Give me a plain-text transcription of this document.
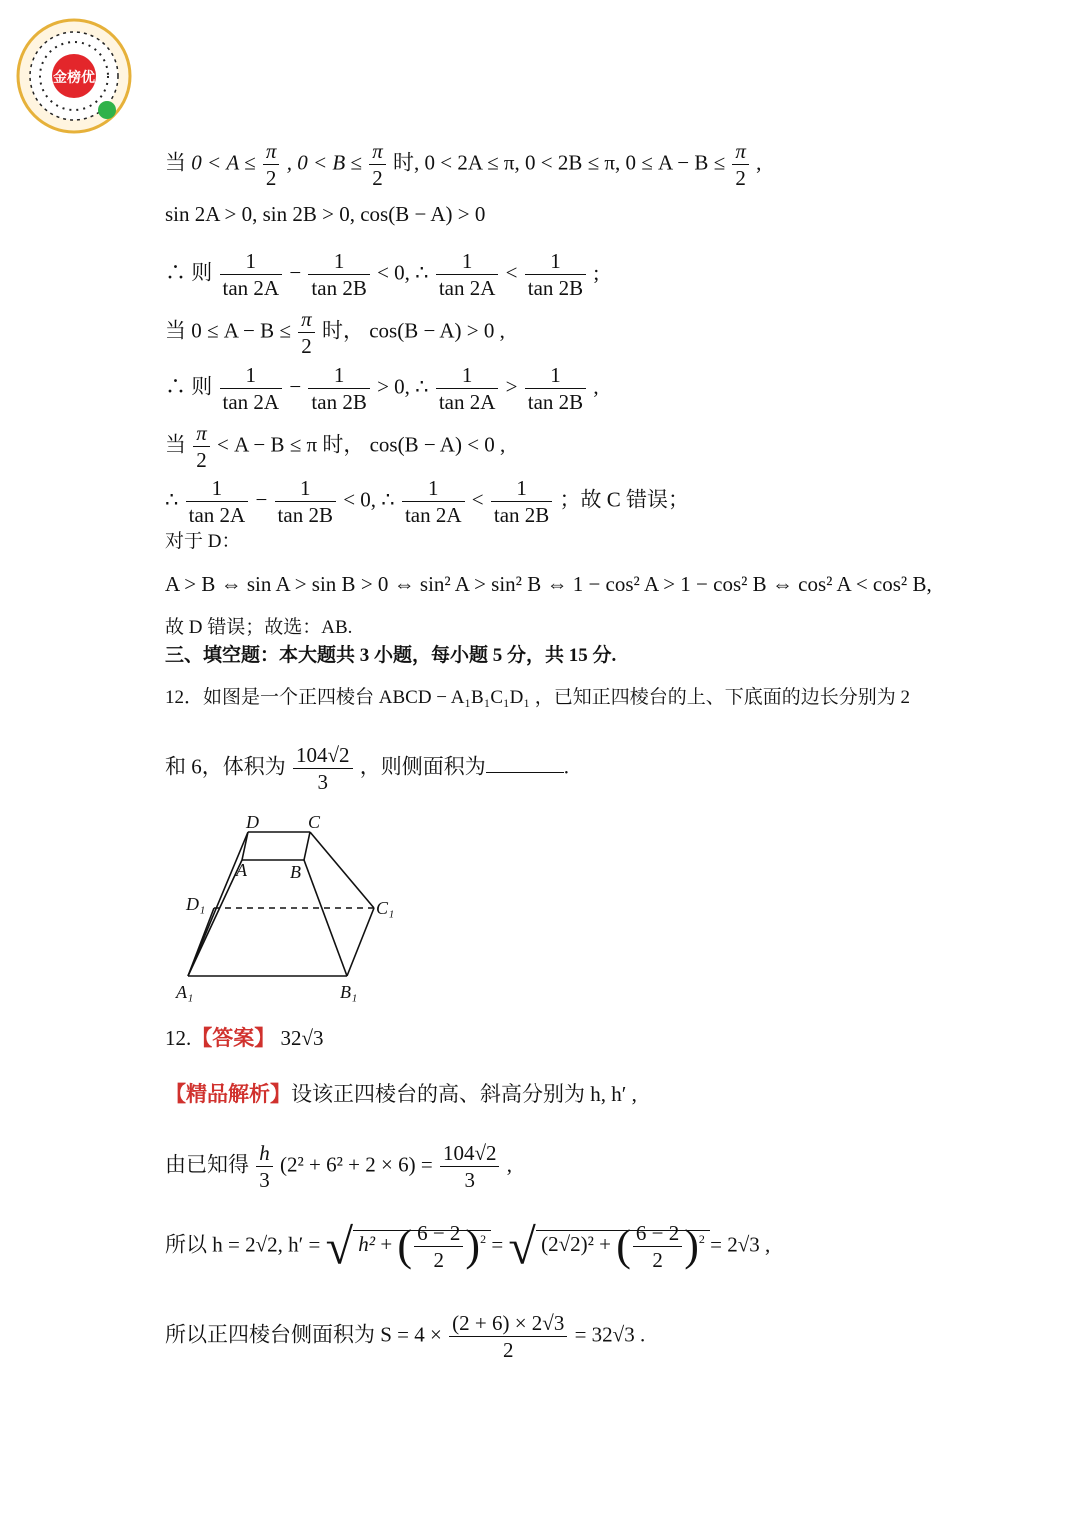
金榜优
当 $0 < A \le \frac{\pi}{2}$ , $0 < B \le \frac{\pi}{2}$ 时, 0 < 2A ≤ π, 0 < 2B ≤ π, $0 \le A - B \le \frac{\pi}{2}$ ,
sin 2A > 0, sin 2B > 0, cos(B − A) > 0
∴ 则 $\frac{1}{\tan 2A} - \frac{1}{\tan 2B} < 0$, ∴ $\frac{1}{\tan 2A} < \frac{1}{\tan 2B}$ ;
当 $0 \le A - B \le \frac{\pi}{2}$ 时， cos(B − A) > 0 ,
∴ 则 $\frac{1}{\tan 2A} - \frac{1}{\tan 2B} > 0$, ∴ $\frac{1}{\tan 2A} > \frac{1}{\tan 2B}$ ,
当 $\frac{\pi}{2} < A - B \le \pi$ 时， cos(B − A) < 0 ,
∴ $\frac{1}{\tan 2A} - \frac{1}{\tan 2B} < 0$, ∴ $\frac{1}{\tan 2A} < \frac{1}{\tan 2B}$ ；故 C 错误；
对于 D：
A > B ⇔ sin A > sin B > 0 ⇔ sin² A > sin² B ⇔ 1 − cos² A > 1 − cos² B ⇔ cos² A < cos² B,
故 D 错误；故选：AB.
三、填空题：本大题共 3 小题，每小题 5 分，共 15 分.
12．如图是一个正四棱台 ABCD − A₁B₁C₁D₁ ，已知正四棱台的上、下底面的边长分别为 2
和 6，体积为 $\frac{104√2}{3}$ ，则侧面积为	.
D	C
A B
D₁	C₁
A₁	B₁
12.【答案】 32√3
【精品解析】设该正四棱台的高、斜高分别为 h, h′ ,
由已知得 $\frac{h}{3} (2^2 + 6^2 + 2 \times 6) = \frac{104√2}{3}$ ,
所以 h = 2√2, h′ = √ h² + ( $\frac{6 - 2}{2} )^2$ = √ (2√2)² + ( $\frac{6 - 2}{2} )^2 = 2√3$ ,
所以正四棱台侧面积为 $S = 4 \times \frac{(2 + 6) \times 2√3}{2} = 32√3$ .
